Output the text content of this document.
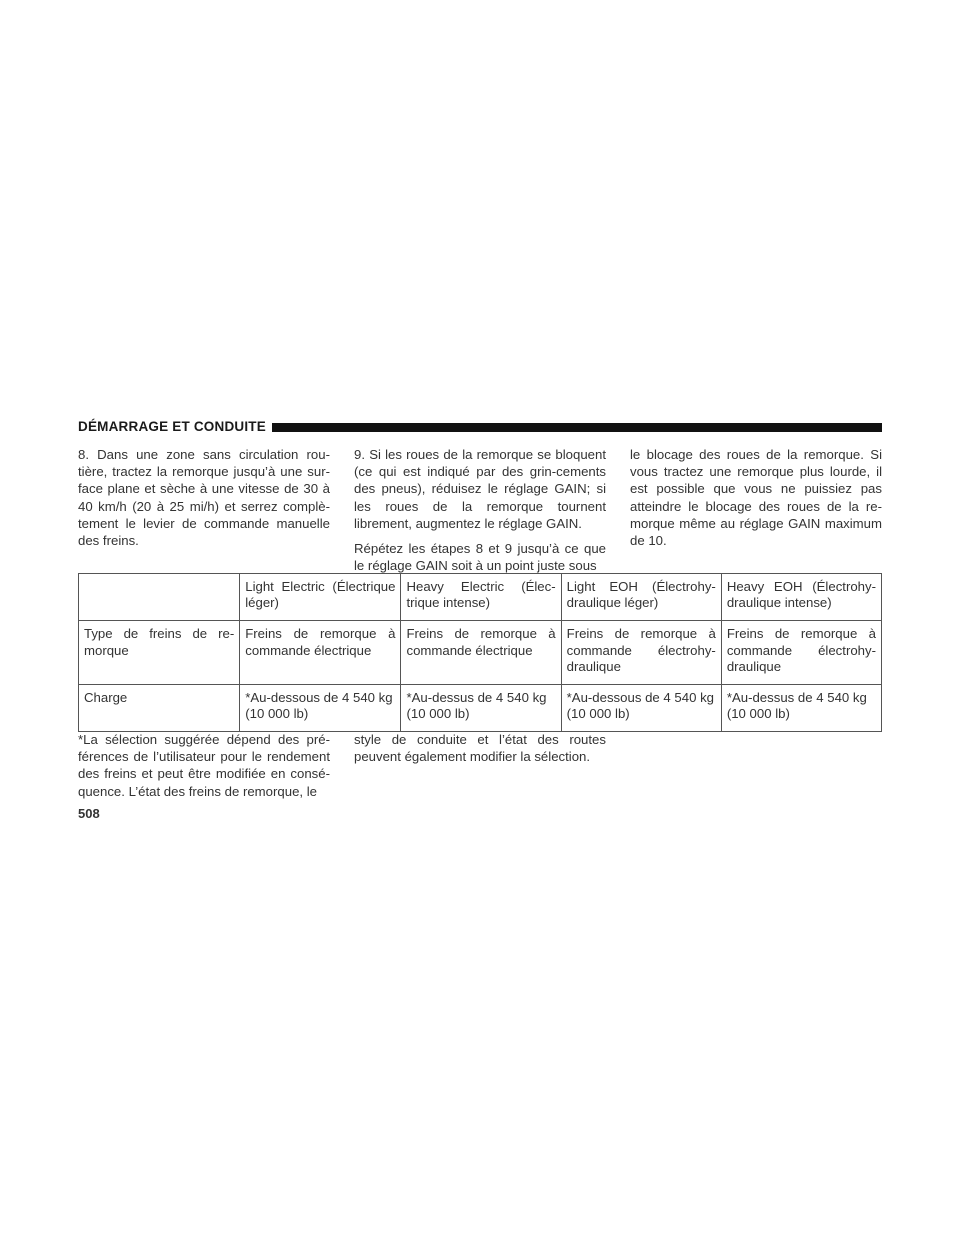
DÉMARRAGE ET CONDUITE

8. Dans une zone sans circulation rou-tière, tractez la remorque jusqu’à une sur-face plane et sèche à une vitesse de 30 à 40 km/h (20 à 25 mi/h) et serrez complè-tement le levier de commande manuelle des freins.

9. Si les roues de la remorque se bloquent (ce qui est indiqué par des grin-cements des pneus), réduisez le réglage GAIN; si les roues de la remorque tournent librement, augmentez le réglage GAIN.

Répétez les étapes 8 et 9 jusqu’à ce que le réglage GAIN soit à un point juste sous

le blocage des roues de la remorque. Si vous tractez une remorque plus lourde, il est possible que vous ne puissiez pas atteindre le blocage des roues de la re-morque même au réglage GAIN maximum de 10.

	Light Electric (Électrique léger)	Heavy Electric (Élec-trique intense)	Light EOH (Électrohy-draulique léger)	Heavy EOH (Électrohy-draulique intense)
Type de freins de re-morque	Freins de remorque à commande électrique	Freins de remorque à commande électrique	Freins de remorque à commande électrohy-draulique	Freins de remorque à commande électrohy-draulique
Charge	*Au-dessous de 4 540 kg (10 000 lb)	*Au-dessus de 4 540 kg (10 000 lb)	*Au-dessous de 4 540 kg (10 000 lb)	*Au-dessus de 4 540 kg (10 000 lb)
*La sélection suggérée dépend des pré-férences de l’utilisateur pour le rendement des freins et peut être modifiée en consé-quence. L’état des freins de remorque, le
style de conduite et l’état des routes peuvent également modifier la sélection.
508
